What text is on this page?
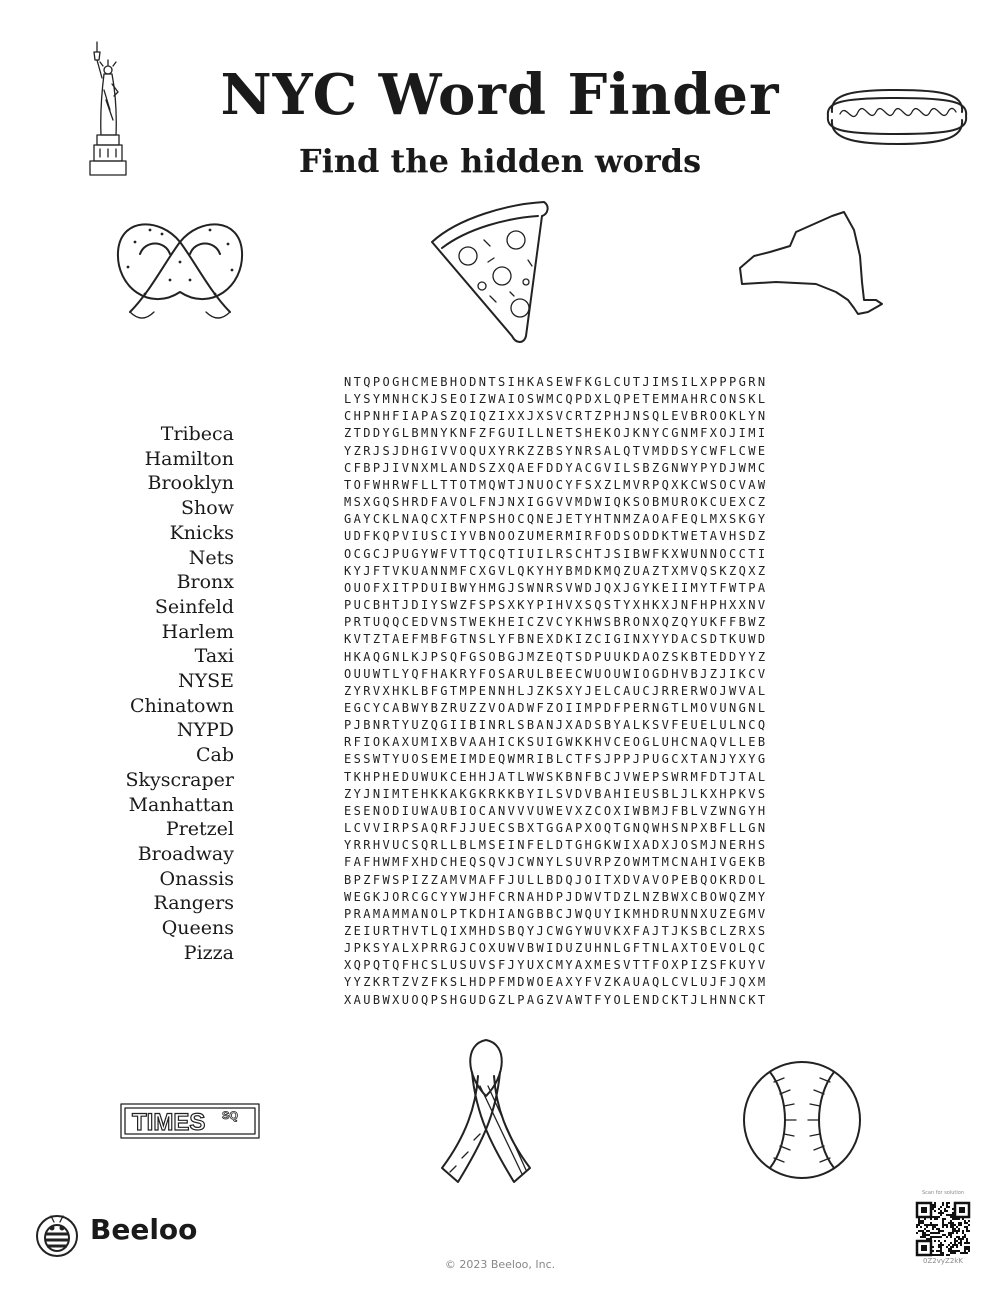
NYC Word Finder
Find the hidden words
Tribeca
Hamilton
Brooklyn
Show
Knicks
Nets
Bronx
Seinfeld
Harlem
Taxi
NYSE
Chinatown
NYPD
Cab
Skyscraper
Manhattan
Pretzel
Broadway
Onassis
Rangers
Queens
Pizza
NTQPOGHCMEBHODNTSIHKASEWFKGLCUTJIMSILXPPPGRN
LYSYMNHCKJSEOIZWAIOSWMCQPDXLQPETEMMAHRCONSKL
CHPNHFIAPASZQIQZIXXJXSVCRTZPHJNSQLEVBROOKLYN
ZTDDYGLBMNYKNFZFGUILLNETSHEKOJKNYCGNMFXOJIMI
YZRJSJDHGIVVOQUXYRKZZBSYNRSALQTVMDDSYCWFLCWE
CFBPJIVNXMLANDSZXQAEFDDYACGVILSBZGNWYPYDJWMC
TOFWHRWFLLTTOTMQWTJNUOCYFSXZLMVRPQXKCWSOCVAW
MSXGQSHRDFAVOLFNJNXIGGVVMDWIQKSOBMUROKCUEXCZ
GAYCKLNAQCXTFNPSHOCQNEJETYHTNMZAOAFEQLMXSKGY
UDFKQPVIUSCIYVBNOOZUMERMIRFODSODDKTWETAVHSDZ
OCGCJPUGYWFVTTQCQTIUILRSCHTJSIBWFKXWUNNOCCTI
KYJFTVKUANNMFCXGVLQKYHYBMDKMQZUAZTXMVQSKZQXZ
OUOFXITPDUIBWYHMGJSWNRSVWDJQXJGYKEIIMYTFWTPA
PUCBHTJDIYSWZFSPSXKYPIHVXSQSTYXHKXJNFHPHXXNV
PRTUQQCEDVNSTWEKHEICZVCYKHWSBRONXQZQYUKFFBWZ
KVTZTAEFMBFGTNSLYFBNEXDKIZCIGINXYYDACSDTKUWD
HKAQGNLKJPSQFGSOBGJMZEQTSDPUUKDAOZSKBTEDDYYZ
OUUWTLYQFHAKRYFOSARULBEECWUOUWIOGDHVBJZJIKCV
ZYRVXHKLBFGTMPENNHLJZKSXYJELCAUCJRRERWOJWVAL
EGCYCABWYBZRUZZVOADWFZOIIMPDFPERNGTLMOVUNGNL
PJBNRTYUZQGIIBINRLSBANJXADSBYALKSVFEUELULNCQ
RFIOKAXUMIXBVAAHICKSUIGWKKHVCEOGLUHCNAQVLLEB
ESSWTYUOSEMEIMDEQWMRIBLCTFSJPPJPUGCXTANJYXYG
TKHPHEDUWUKCEHHJATLWWSKBNFBCJVWEPSWRMFDTJTAL
ZYJNIMTEHKKAKGKRKKBYILSVDVBAHIEUSBLJLKXHPKVS
ESENODIUWAUBIOCANVVVUWEVXZCOXIWBMJFBLVZWNGYH
LCVVIRPSAQRFJJUECSBXTGGAPXOQTGNQWHSNPXBFLLGN
YRRHVUCSQRLLBLMSEINFELDTGHGKWIXADXJOSMJNERHS
FAFHWMFXHDCHEQSQVJCWNYLSUVRPZOWMTMCNAHIVGEKB
BPZFWSPIZZAMVMAFFJULLBDQJOITXDVAVOPEBQOKRDOL
WEGKJORCGCYYWJHFCRNAHDPJDWVTDZLNZBWXCBOWQZMY
PRAMAMMANOLPTKDHIANGBBCJWQUYIKMHDRUNNXUZEGMV
ZEIURTHVTLQIXMHDSBQYJCWGYWUVKXFAJTJKSBCLZRXS
JPKSYALXPRRGJCOXUWVBWIDUZUHNLGFTNLAXTOEVOLQC
XQPQTQFHCSLUSUVSFJYUXCMYAXMESVTTFOXPIZSFKUYV
YYZKRTZVZFKSLHDPFMDWOEAXYFVZKAUAQLCVLUJFJQXM
XAUBWXUOQPSHGUDGZLPAGZVAWTFYOLENDCKTJLHNNCKT
TIMES SQ
Beeloo
Scan for solution
0Z2vyZ2kK
© 2023 Beeloo, Inc.
